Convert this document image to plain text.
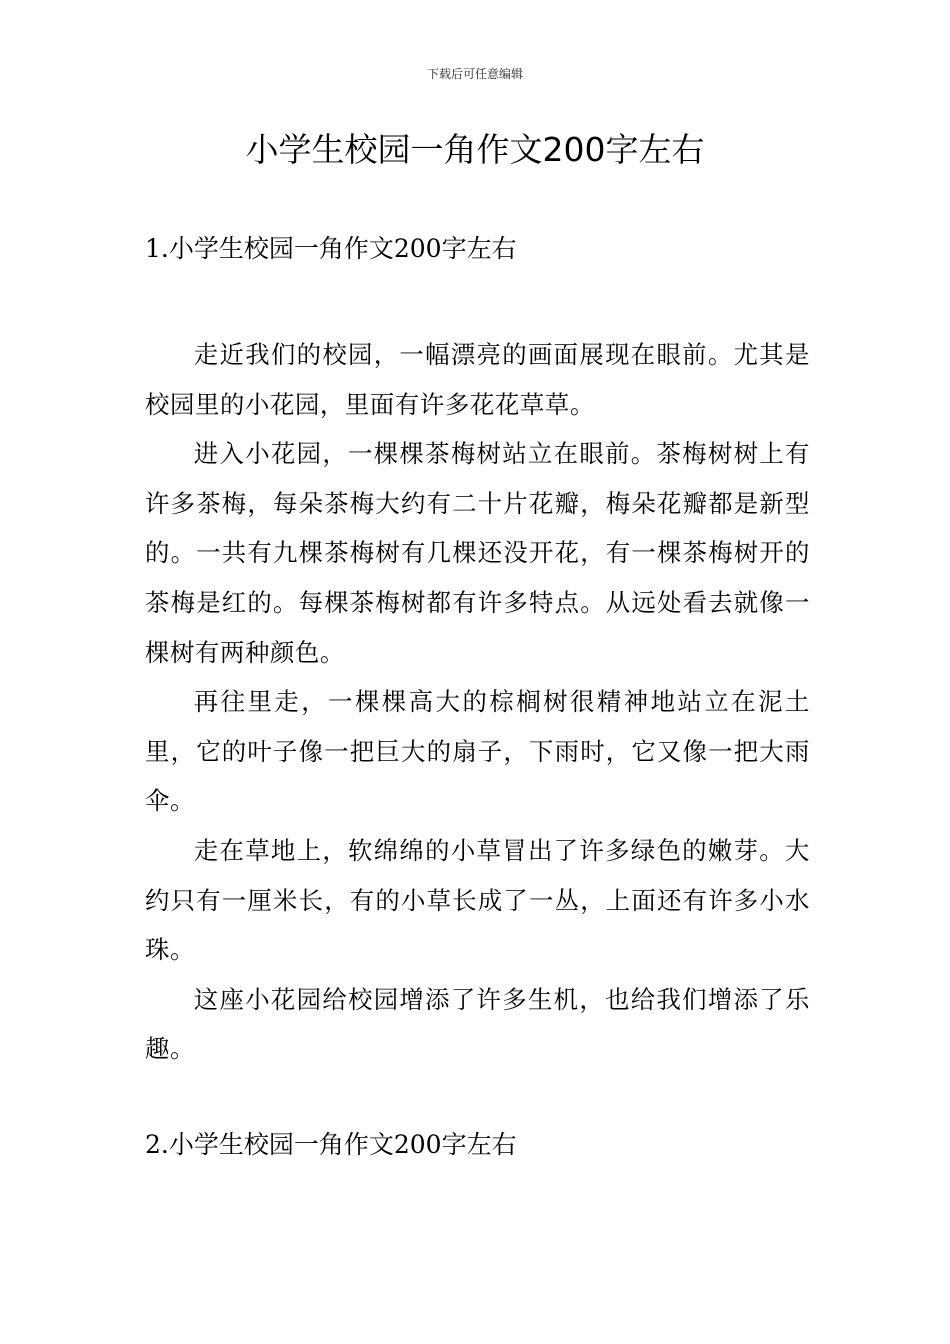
下载后可任意编辑
小学生校园一角作文200字左右
1.小学生校园一角作文200字左右

走近我们的校园，一幅漂亮的画面展现在眼前。尤其是校园里的小花园，里面有许多花花草草。

进入小花园，一棵棵茶梅树站立在眼前。茶梅树树上有许多茶梅，每朵茶梅大约有二十片花瓣，梅朵花瓣都是新型的。一共有九棵茶梅树有几棵还没开花，有一棵茶梅树开的茶梅是红的。每棵茶梅树都有许多特点。从远处看去就像一棵树有两种颜色。

再往里走，一棵棵高大的棕榈树很精神地站立在泥土里，它的叶子像一把巨大的扇子，下雨时，它又像一把大雨伞。

走在草地上，软绵绵的小草冒出了许多绿色的嫩芽。大约只有一厘米长，有的小草长成了一丛，上面还有许多小水珠。

这座小花园给校园增添了许多生机，也给我们增添了乐趣。

2.小学生校园一角作文200字左右
